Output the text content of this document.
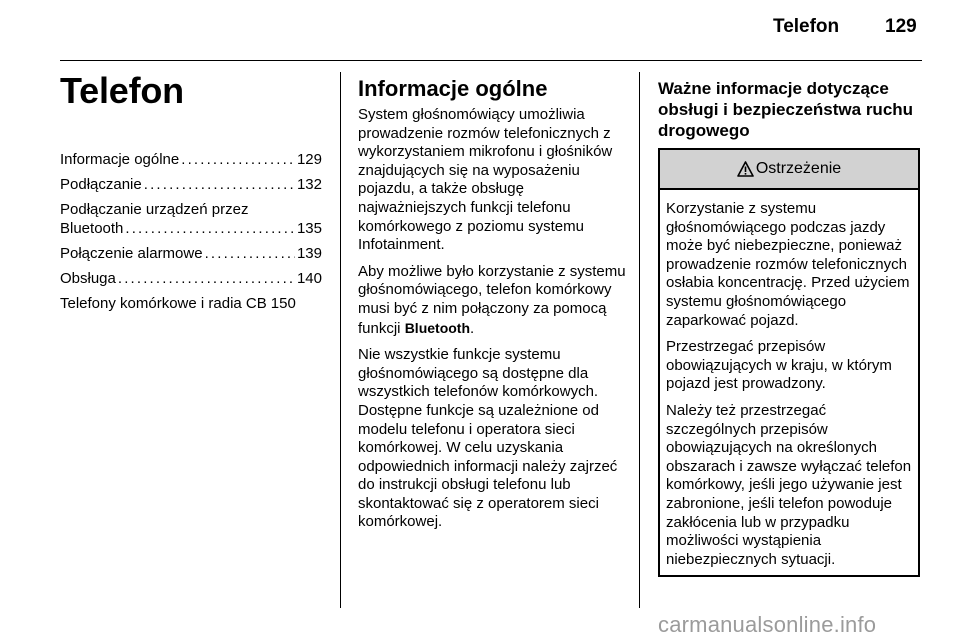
Telefon 129
Telefon
Informacje ogólne . . .	129
Podłączanie . . .	132
Podłączanie urządzeń przez
Bluetooth . . .	135
Połączenie alarmowe . . .	139
Obsługa . . .	140
Telefony komórkowe i radia CB 150
Informacje ogólne

System głośnomówiący umożliwia prowadzenie rozmów telefonicznych z wykorzystaniem mikrofonu i głośników znajdujących się na wyposażeniu pojazdu, a także obsługę najważniejszych funkcji telefonu komórkowego z poziomu systemu Infotainment.

Aby możliwe było korzystanie z systemu głośnomówiącego, telefon komórkowy musi być z nim połączony za pomocą funkcji Bluetooth.

Nie wszystkie funkcje systemu głośnomówiącego są dostępne dla wszystkich telefonów komórkowych. Dostępne funkcje są uzależnione od modelu telefonu i operatora sieci komórkowej. W celu uzyskania odpowiednich informacji należy zajrzeć do instrukcji obsługi telefonu lub skontaktować się z operatorem sieci komórkowej.

Ważne informacje dotyczące obsługi i bezpieczeństwa ruchu drogowego
Ostrzeżenie

Korzystanie z systemu głośnomówiącego podczas jazdy może być niebezpieczne, ponieważ prowadzenie rozmów telefonicznych osłabia koncentrację. Przed użyciem systemu głośnomówiącego zaparkować pojazd.

Przestrzegać przepisów obowiązujących w kraju, w którym pojazd jest prowadzony.

Należy też przestrzegać szczególnych przepisów obowiązujących na określonych obszarach i zawsze wyłączać telefon komórkowy, jeśli jego używanie jest zabronione, jeśli telefon powoduje zakłócenia lub w przypadku możliwości wystąpienia niebezpiecznych sytuacji.

carmanualsonline.info
